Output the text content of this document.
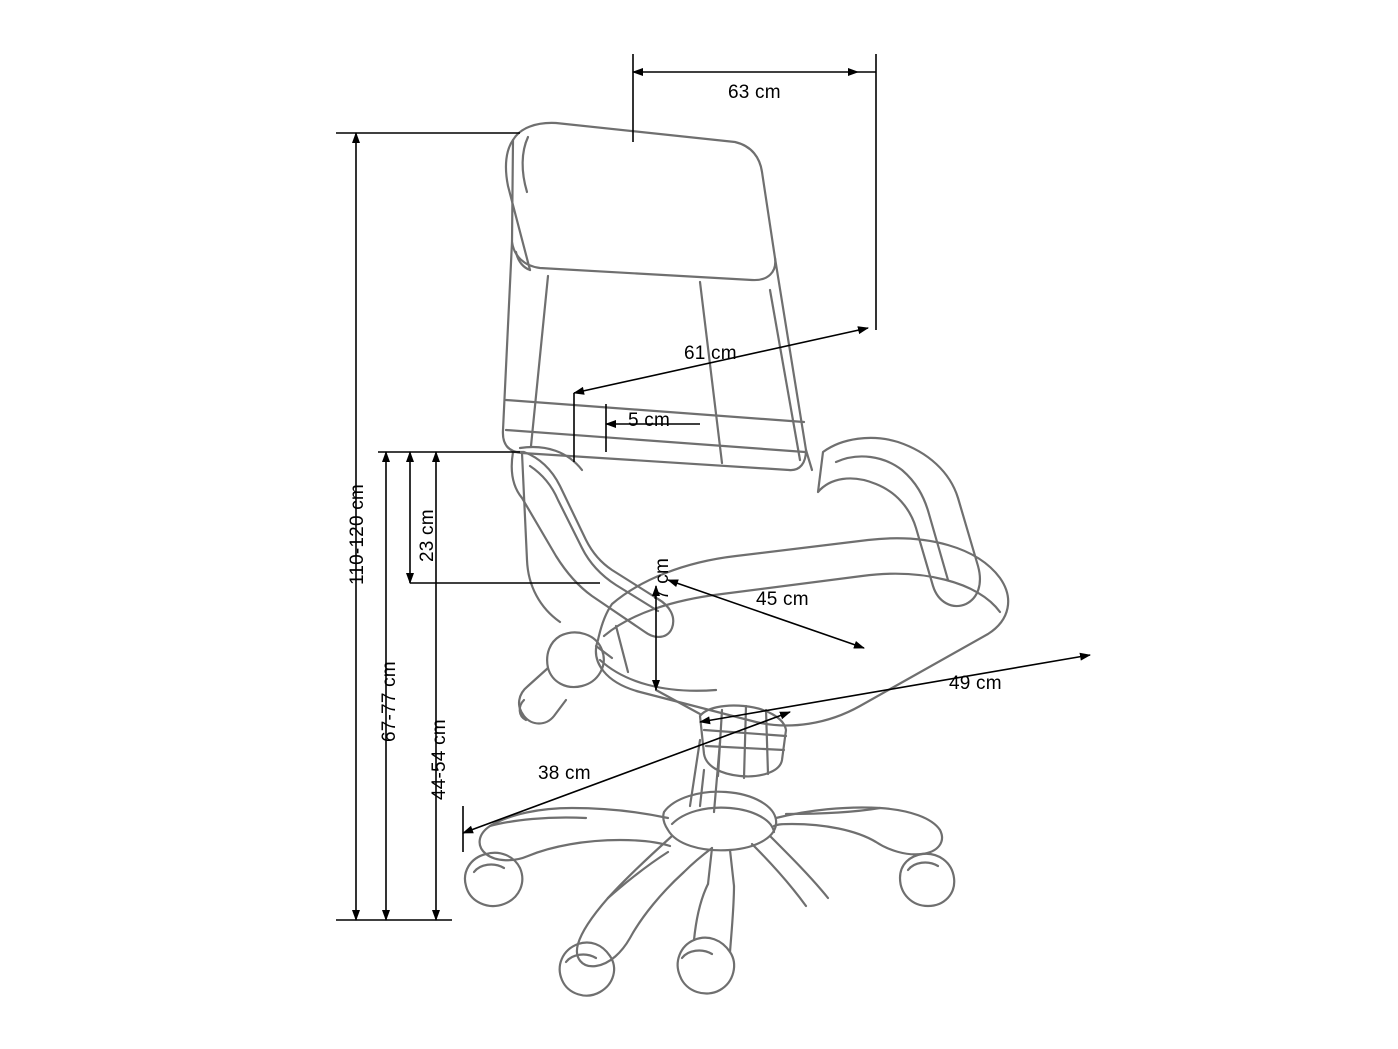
63 cm
61 cm
5 cm
23 cm
7 cm	45 cm
49 cm
38 cm
110-120 cm
67-77 cm
44-54 cm
